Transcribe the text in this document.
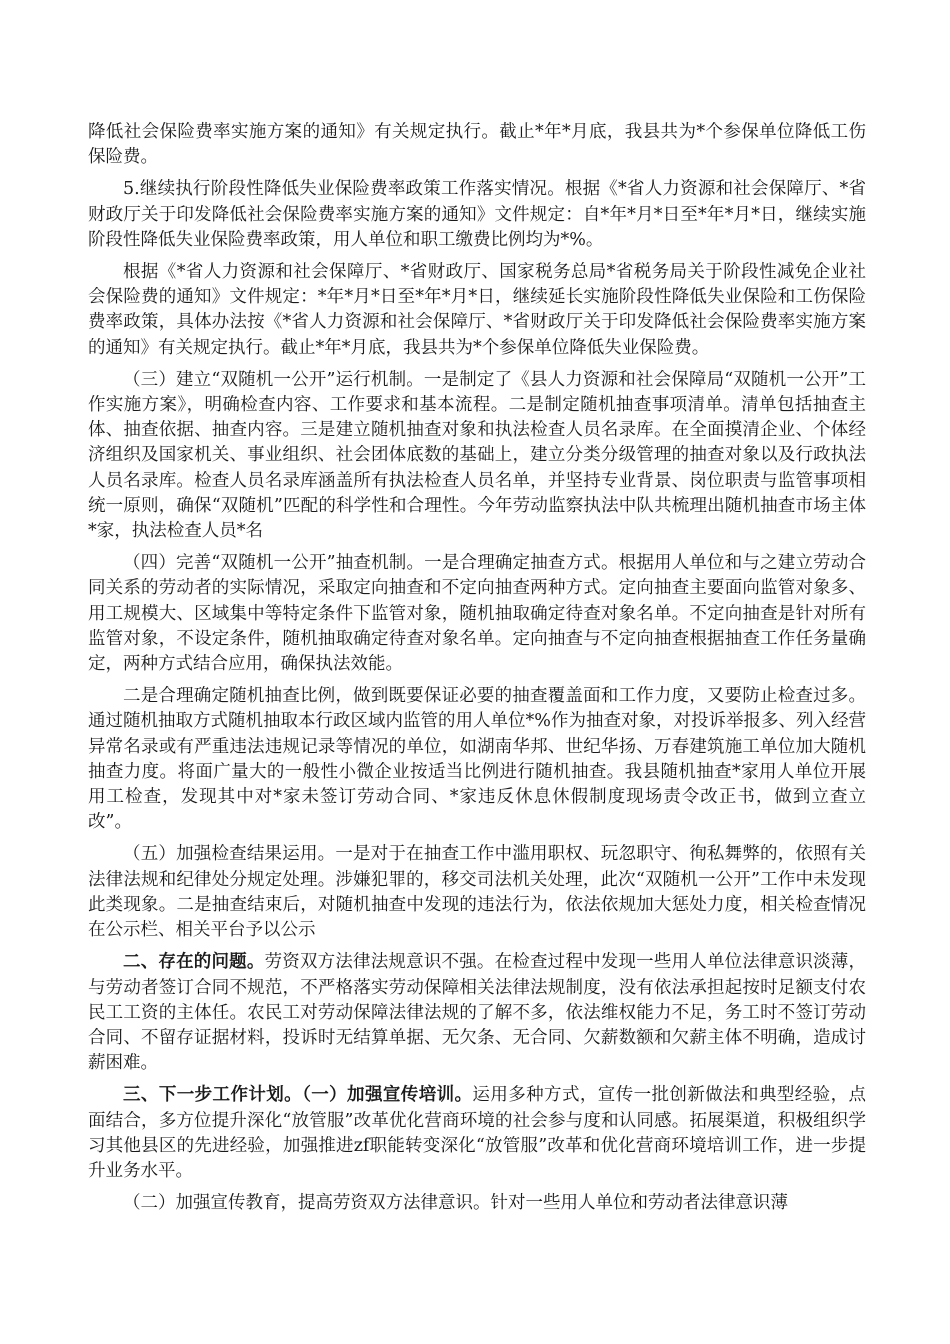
降低社会保险费率实施方案的通知》有关规定执行。截止*年*月底，我县共为*个参保单位降低工伤保险费。

5.继续执行阶段性降低失业保险费率政策工作落实情况。根据《*省人力资源和社会保障厅、*省财政厅关于印发降低社会保险费率实施方案的通知》文件规定：自*年*月*日至*年*月*日，继续实施阶段性降低失业保险费率政策，用人单位和职工缴费比例均为*%。

根据《*省人力资源和社会保障厅、*省财政厅、国家税务总局*省税务局关于阶段性减免企业社会保险费的通知》文件规定：*年*月*日至*年*月*日，继续延长实施阶段性降低失业保险和工伤保险费率政策，具体办法按《*省人力资源和社会保障厅、*省财政厅关于印发降低社会保险费率实施方案的通知》有关规定执行。截止*年*月底，我县共为*个参保单位降低失业保险费。

（三）建立“双随机一公开”运行机制。一是制定了《县人力资源和社会保障局“双随机一公开”工作实施方案》，明确检查内容、工作要求和基本流程。二是制定随机抽查事项清单。清单包括抽查主体、抽查依据、抽查内容。三是建立随机抽查对象和执法检查人员名录库。在全面摸清企业、个体经济组织及国家机关、事业组织、社会团体底数的基础上，建立分类分级管理的抽查对象以及行政执法人员名录库。检查人员名录库涵盖所有执法检查人员名单，并坚持专业背景、岗位职责与监管事项相统一原则，确保“双随机”匹配的科学性和合理性。今年劳动监察执法中队共梳理出随机抽查市场主体*家，执法检查人员*名

（四）完善“双随机一公开”抽查机制。一是合理确定抽查方式。根据用人单位和与之建立劳动合同关系的劳动者的实际情况，采取定向抽查和不定向抽查两种方式。定向抽查主要面向监管对象多、用工规模大、区域集中等特定条件下监管对象，随机抽取确定待查对象名单。不定向抽查是针对所有监管对象，不设定条件，随机抽取确定待查对象名单。定向抽查与不定向抽查根据抽查工作任务量确定，两种方式结合应用，确保执法效能。

二是合理确定随机抽查比例，做到既要保证必要的抽查覆盖面和工作力度，又要防止检查过多。通过随机抽取方式随机抽取本行政区域内监管的用人单位*%作为抽查对象，对投诉举报多、列入经营异常名录或有严重违法违规记录等情况的单位，如湖南华邦、世纪华扬、万春建筑施工单位加大随机抽查力度。将面广量大的一般性小微企业按适当比例进行随机抽查。我县随机抽查*家用人单位开展用工检查，发现其中对*家未签订劳动合同、*家违反休息休假制度现场责令改正书，做到立查立改”。

（五）加强检查结果运用。一是对于在抽查工作中滥用职权、玩忽职守、徇私舞弊的，依照有关法律法规和纪律处分规定处理。涉嫌犯罪的，移交司法机关处理，此次“双随机一公开”工作中未发现此类现象。二是抽查结束后，对随机抽查中发现的违法行为，依法依规加大惩处力度，相关检查情况在公示栏、相关平台予以公示

二、存在的问题。劳资双方法律法规意识不强。在检查过程中发现一些用人单位法律意识淡薄，与劳动者签订合同不规范，不严格落实劳动保障相关法律法规制度，没有依法承担起按时足额支付农民工工资的主体任。农民工对劳动保障法律法规的了解不多，依法维权能力不足，务工时不签订劳动合同、不留存证据材料，投诉时无结算单据、无欠条、无合同、欠薪数额和欠薪主体不明确，造成讨薪困难。

三、下一步工作计划。（一）加强宣传培训。运用多种方式，宣传一批创新做法和典型经验，点面结合，多方位提升深化“放管服”改革优化营商环境的社会参与度和认同感。拓展渠道，积极组织学习其他县区的先进经验，加强推进zf职能转变深化“放管服”改革和优化营商环境培训工作，进一步提升业务水平。

（二）加强宣传教育，提高劳资双方法律意识。针对一些用人单位和劳动者法律意识薄
